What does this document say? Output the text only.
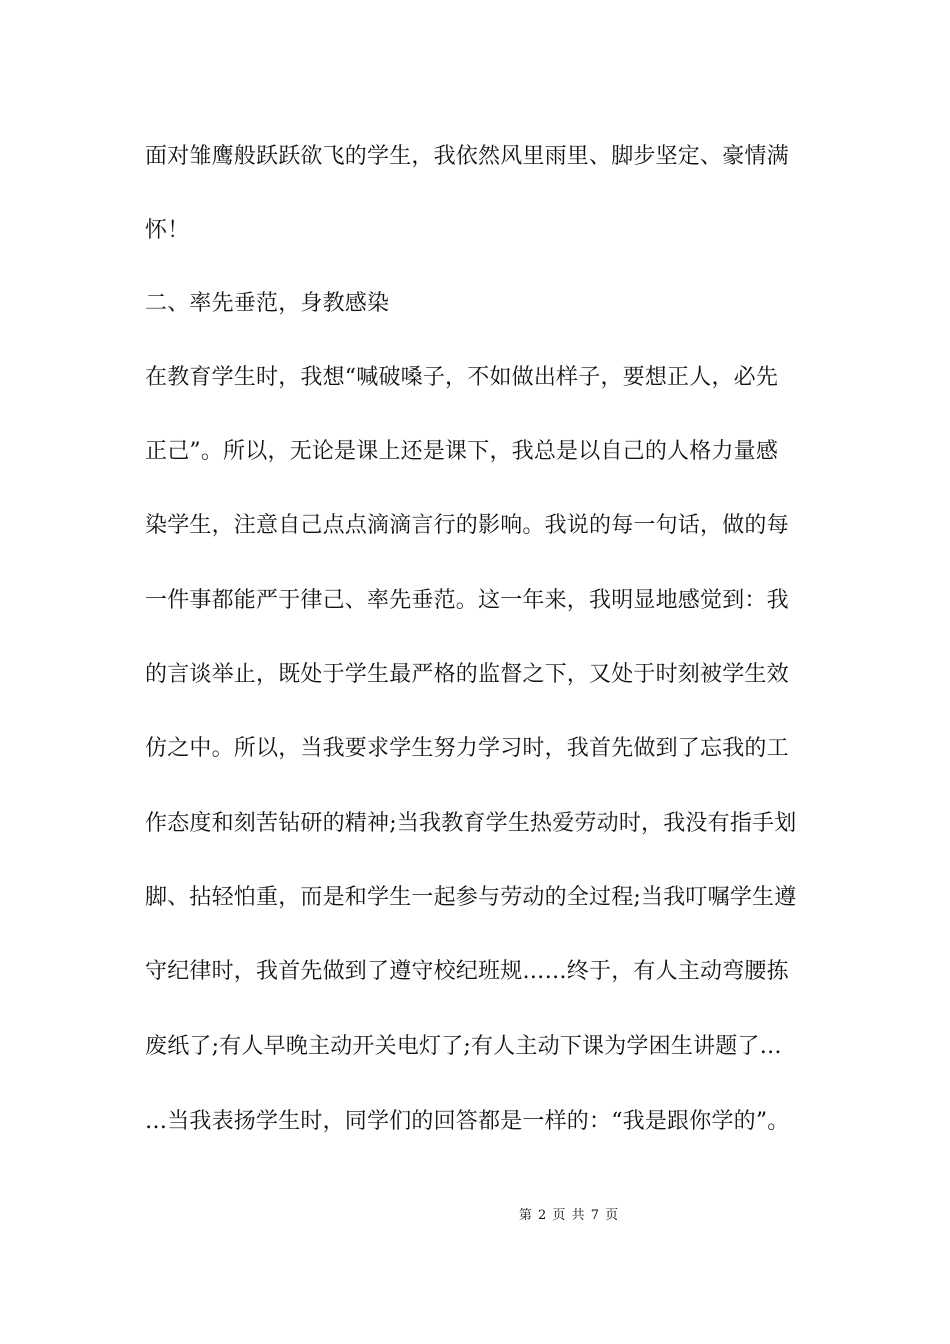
面对雏鹰般跃跃欲飞的学生，我依然风里雨里、脚步坚定、豪情满
怀！
二、率先垂范，身教感染
在教育学生时，我想“喊破嗓子，不如做出样子，要想正人，必先
正己”。所以，无论是课上还是课下，我总是以自己的人格力量感
染学生，注意自己点点滴滴言行的影响。我说的每一句话，做的每
一件事都能严于律己、率先垂范。这一年来，我明显地感觉到：我
的言谈举止，既处于学生最严格的监督之下，又处于时刻被学生效
仿之中。所以，当我要求学生努力学习时，我首先做到了忘我的工
作态度和刻苦钻研的精神;当我教育学生热爱劳动时，我没有指手划
脚、拈轻怕重，而是和学生一起参与劳动的全过程;当我叮嘱学生遵
守纪律时，我首先做到了遵守校纪班规……终于，有人主动弯腰拣
废纸了;有人早晚主动开关电灯了;有人主动下课为学困生讲题了…
…当我表扬学生时，同学们的回答都是一样的：“我是跟你学的”。
第 2 页 共 7 页
